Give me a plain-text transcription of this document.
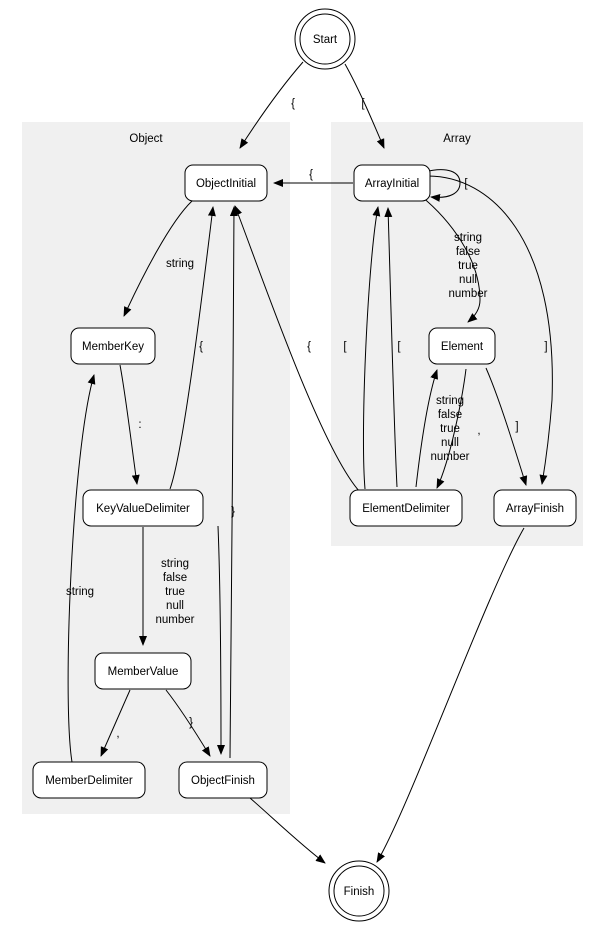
Object	Array
Start
Finish
ObjectInitial	ArrayInitial
MemberKey	Element
KeyValueDelimiter	ElementDelimiter	ArrayFinish
MemberValue
MemberDelimiter	ObjectFinish
{	[
{
[
string
{	{
}
:
string
string
false
true
null
number
,
}
string
false
true
null
number
[	[	]
string
false
true
null
number
,	]
